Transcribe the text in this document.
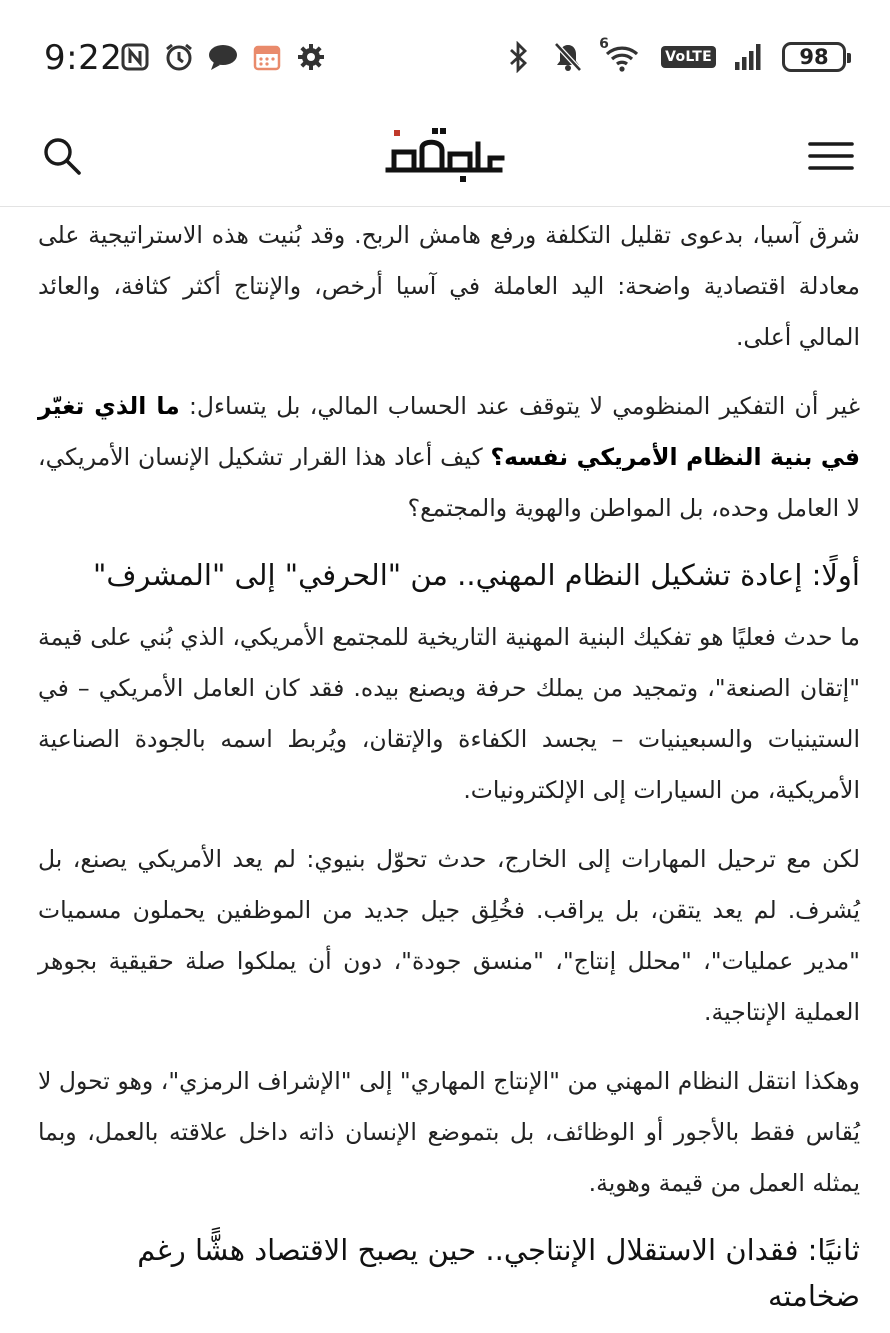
9:22	6
VoLTE	98

شرق آسيا، بدعوى تقليل التكلفة ورفع هامش الربح. وقد بُنيت هذه الاستراتيجية على معادلة اقتصادية واضحة: اليد العاملة في آسيا أرخص، والإنتاج أكثر كثافة، والعائد المالي أعلى.

غير أن التفكير المنظومي لا يتوقف عند الحساب المالي، بل يتساءل: ما الذي تغيّر في بنية النظام الأمريكي نفسه؟ كيف أعاد هذا القرار تشكيل الإنسان الأمريكي، لا العامل وحده، بل المواطن والهوية والمجتمع؟

أولًا: إعادة تشكيل النظام المهني.. من "الحرفي" إلى "المشرف"

ما حدث فعليًا هو تفكيك البنية المهنية التاريخية للمجتمع الأمريكي، الذي بُني على قيمة "إتقان الصنعة"، وتمجيد من يملك حرفة ويصنع بيده. فقد كان العامل الأمريكي – في الستينيات والسبعينيات – يجسد الكفاءة والإتقان، ويُربط اسمه بالجودة الصناعية الأمريكية، من السيارات إلى الإلكترونيات.

لكن مع ترحيل المهارات إلى الخارج، حدث تحوّل بنيوي: لم يعد الأمريكي يصنع، بل يُشرف. لم يعد يتقن، بل يراقب. فخُلِق جيل جديد من الموظفين يحملون مسميات "مدير عمليات"، "محلل إنتاج"، "منسق جودة"، دون أن يملكوا صلة حقيقية بجوهر العملية الإنتاجية.

وهكذا انتقل النظام المهني من "الإنتاج المهاري" إلى "الإشراف الرمزي"، وهو تحول لا يُقاس فقط بالأجور أو الوظائف، بل بتموضع الإنسان ذاته داخل علاقته بالعمل، وبما يمثله العمل من قيمة وهوية.

ثانيًا: فقدان الاستقلال الإنتاجي.. حين يصبح الاقتصاد هشًّا رغم ضخامته
